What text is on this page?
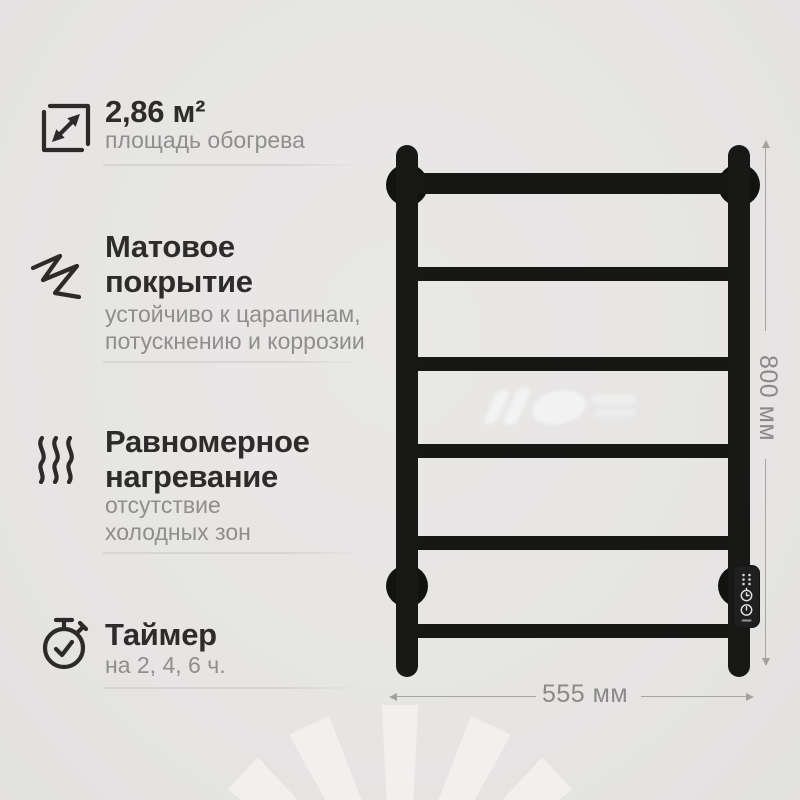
2,86 м²

площадь обогрева

Матовое
покрытие

устойчиво к царапинам,
потускнению и коррозии

Равномерное
нагревание

отсутствие
холодных зон

Таймер

на 2, 4, 6 ч.

800 мм
555 мм
